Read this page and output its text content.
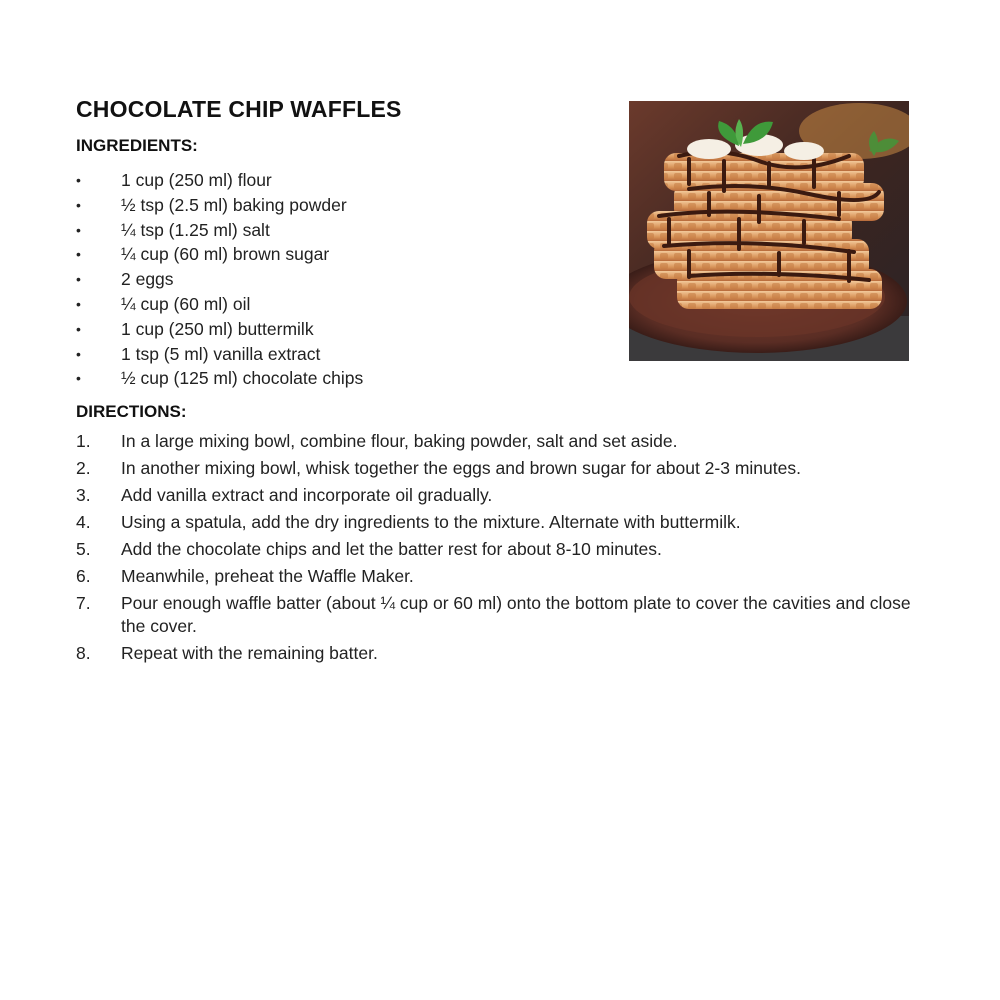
CHOCOLATE CHIP WAFFLES
INGREDIENTS:
• 1 cup (250 ml) flour
• ½ tsp (2.5 ml) baking powder
• ¼ tsp (1.25 ml) salt
• ¼ cup (60 ml) brown sugar
• 2 eggs
• ¼ cup (60 ml) oil
• 1 cup (250 ml) buttermilk
• 1 tsp (5 ml) vanilla extract
• ½ cup (125 ml) chocolate chips
DIRECTIONS:
1. In a large mixing bowl, combine flour, baking powder, salt and set aside.
2. In another mixing bowl, whisk together the eggs and brown sugar for about 2-3 minutes.
3. Add vanilla extract and incorporate oil gradually.
4. Using a spatula, add the dry ingredients to the mixture. Alternate with buttermilk.
5. Add the chocolate chips and let the batter rest for about 8-10 minutes.
6. Meanwhile, preheat the Waffle Maker.
7. Pour enough waffle batter (about ¼ cup or 60 ml) onto the bottom plate to cover the cavities and close the cover.
8. Repeat with the remaining batter.
